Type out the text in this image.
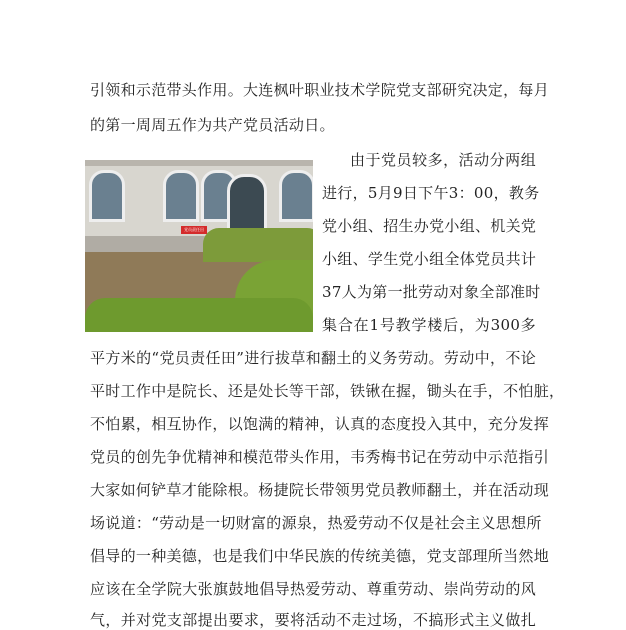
引领和示范带头作用。大连枫叶职业技术学院党支部研究决定，每月
的第一周周五作为共产党员活动日。
党员责任田
由于党员较多，活动分两组
进行，5月9日下午3：00，教务
党小组、招生办党小组、机关党
小组、学生党小组全体党员共计
37人为第一批劳动对象全部准时
集合在1号教学楼后，为300多
平方米的“党员责任田”进行拔草和翻土的义务劳动。劳动中，不论
平时工作中是院长、还是处长等干部，铁锹在握，锄头在手，不怕脏，
不怕累，相互协作，以饱满的精神，认真的态度投入其中，充分发挥
党员的创先争优精神和模范带头作用，韦秀梅书记在劳动中示范指引
大家如何铲草才能除根。杨捷院长带领男党员教师翻土，并在活动现
场说道：“劳动是一切财富的源泉，热爱劳动不仅是社会主义思想所
倡导的一种美德，也是我们中华民族的传统美德，党支部理所当然地
应该在全学院大张旗鼓地倡导热爱劳动、尊重劳动、崇尚劳动的风
气，并对党支部提出要求，要将活动不走过场，不搞形式主义做扎
